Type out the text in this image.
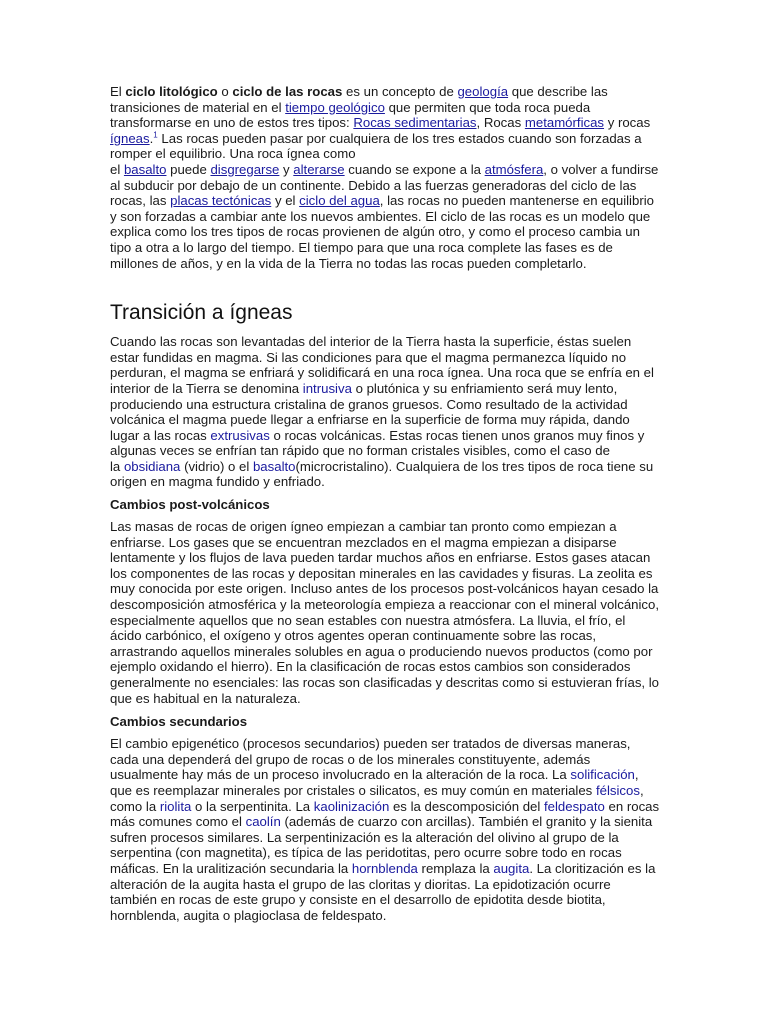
El ciclo litológico o ciclo de las rocas es un concepto de geología que describe las transiciones de material en el tiempo geológico que permiten que toda roca pueda transformarse en uno de estos tres tipos: Rocas sedimentarias, Rocas metamórficas y rocas ígneas.$^1$ Las rocas pueden pasar por cualquiera de los tres estados cuando son forzadas a romper el equilibrio. Una roca ígnea como
el basalto puede disgregarse y alterarse cuando se expone a la atmósfera, o volver a fundirse al subducir por debajo de un continente. Debido a las fuerzas generadoras del ciclo de las rocas, las placas tectónicas y el ciclo del agua, las rocas no pueden mantenerse en equilibrio y son forzadas a cambiar ante los nuevos ambientes. El ciclo de las rocas es un modelo que explica como los tres tipos de rocas provienen de algún otro, y como el proceso cambia un tipo a otra a lo largo del tiempo. El tiempo para que una roca complete las fases es de millones de años, y en la vida de la Tierra no todas las rocas pueden completarlo.

Transición a ígneas

Cuando las rocas son levantadas del interior de la Tierra hasta la superficie, éstas suelen estar fundidas en magma. Si las condiciones para que el magma permanezca líquido no perduran, el magma se enfriará y solidificará en una roca ígnea. Una roca que se enfría en el interior de la Tierra se denomina intrusiva o plutónica y su enfriamiento será muy lento, produciendo una estructura cristalina de granos gruesos. Como resultado de la actividad volcánica el magma puede llegar a enfriarse en la superficie de forma muy rápida, dando lugar a las rocas extrusivas o rocas volcánicas. Estas rocas tienen unos granos muy finos y algunas veces se enfrían tan rápido que no forman cristales visibles, como el caso de
la obsidiana (vidrio) o el basalto(microcristalino). Cualquiera de los tres tipos de roca tiene su origen en magma fundido y enfriado.

Cambios post-volcánicos

Las masas de rocas de origen ígneo empiezan a cambiar tan pronto como empiezan a enfriarse. Los gases que se encuentran mezclados en el magma empiezan a disiparse lentamente y los flujos de lava pueden tardar muchos años en enfriarse. Estos gases atacan los componentes de las rocas y depositan minerales en las cavidades y fisuras. La zeolita es muy conocida por este origen. Incluso antes de los procesos post-volcánicos hayan cesado la descomposición atmosférica y la meteorología empieza a reaccionar con el mineral volcánico, especialmente aquellos que no sean estables con nuestra atmósfera. La lluvia, el frío, el ácido carbónico, el oxígeno y otros agentes operan continuamente sobre las rocas, arrastrando aquellos minerales solubles en agua o produciendo nuevos productos (como por ejemplo oxidando el hierro). En la clasificación de rocas estos cambios son considerados generalmente no esenciales: las rocas son clasificadas y descritas como si estuvieran frías, lo que es habitual en la naturaleza.

Cambios secundarios

El cambio epigenético (procesos secundarios) pueden ser tratados de diversas maneras, cada una dependerá del grupo de rocas o de los minerales constituyente, además usualmente hay más de un proceso involucrado en la alteración de la roca. La solificación, que es reemplazar minerales por cristales o silicatos, es muy común en materiales félsicos, como la riolita o la serpentinita. La kaolinización es la descomposición del feldespato en rocas más comunes como el caolín (además de cuarzo con arcillas). También el granito y la sienita sufren procesos similares. La serpentinización es la alteración del olivino al grupo de la serpentina (con magnetita), es típica de las peridotitas, pero ocurre sobre todo en rocas máficas. En la uralitización secundaria la hornblenda remplaza la augita. La cloritización es la alteración de la augita hasta el grupo de las cloritas y dioritas. La epidotización ocurre también en rocas de este grupo y consiste en el desarrollo de epidotita desde biotita, hornblenda, augita o plagioclasa de feldespato.
